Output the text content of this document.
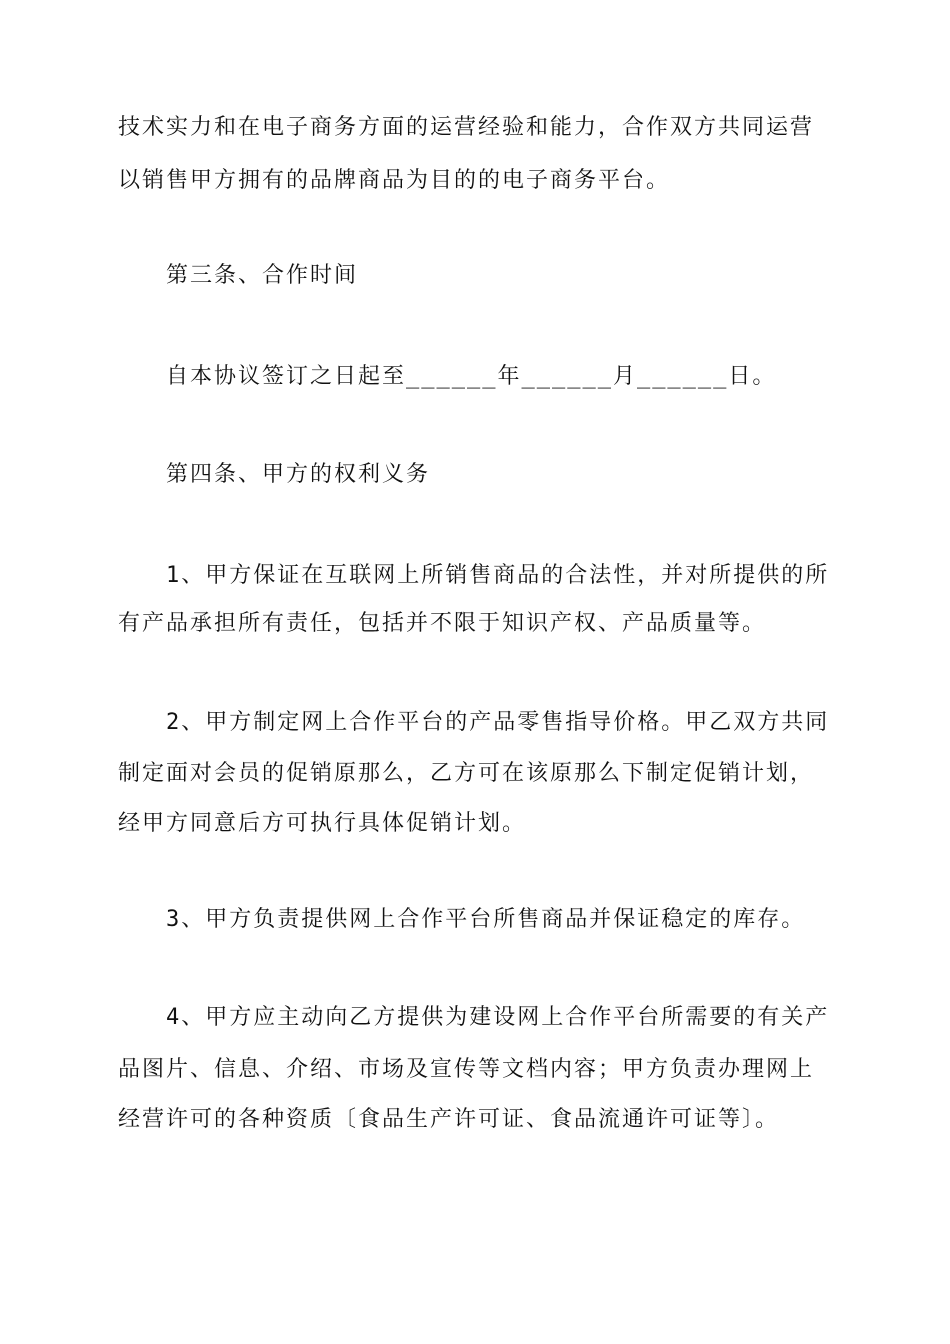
技术实力和在电子商务方面的运营经验和能力，合作双方共同运营
以销售甲方拥有的品牌商品为目的的电子商务平台。
　　第三条、合作时间
　　自本协议签订之日起至______年______月______日。
　　第四条、甲方的权利义务
　　1、甲方保证在互联网上所销售商品的合法性，并对所提供的所
有产品承担所有责任，包括并不限于知识产权、产品质量等。
　　2、甲方制定网上合作平台的产品零售指导价格。甲乙双方共同
制定面对会员的促销原那么，乙方可在该原那么下制定促销计划，
经甲方同意后方可执行具体促销计划。
　　3、甲方负责提供网上合作平台所售商品并保证稳定的库存。
　　4、甲方应主动向乙方提供为建设网上合作平台所需要的有关产
品图片、信息、介绍、市场及宣传等文档内容；甲方负责办理网上
经营许可的各种资质〔食品生产许可证、食品流通许可证等〕。
